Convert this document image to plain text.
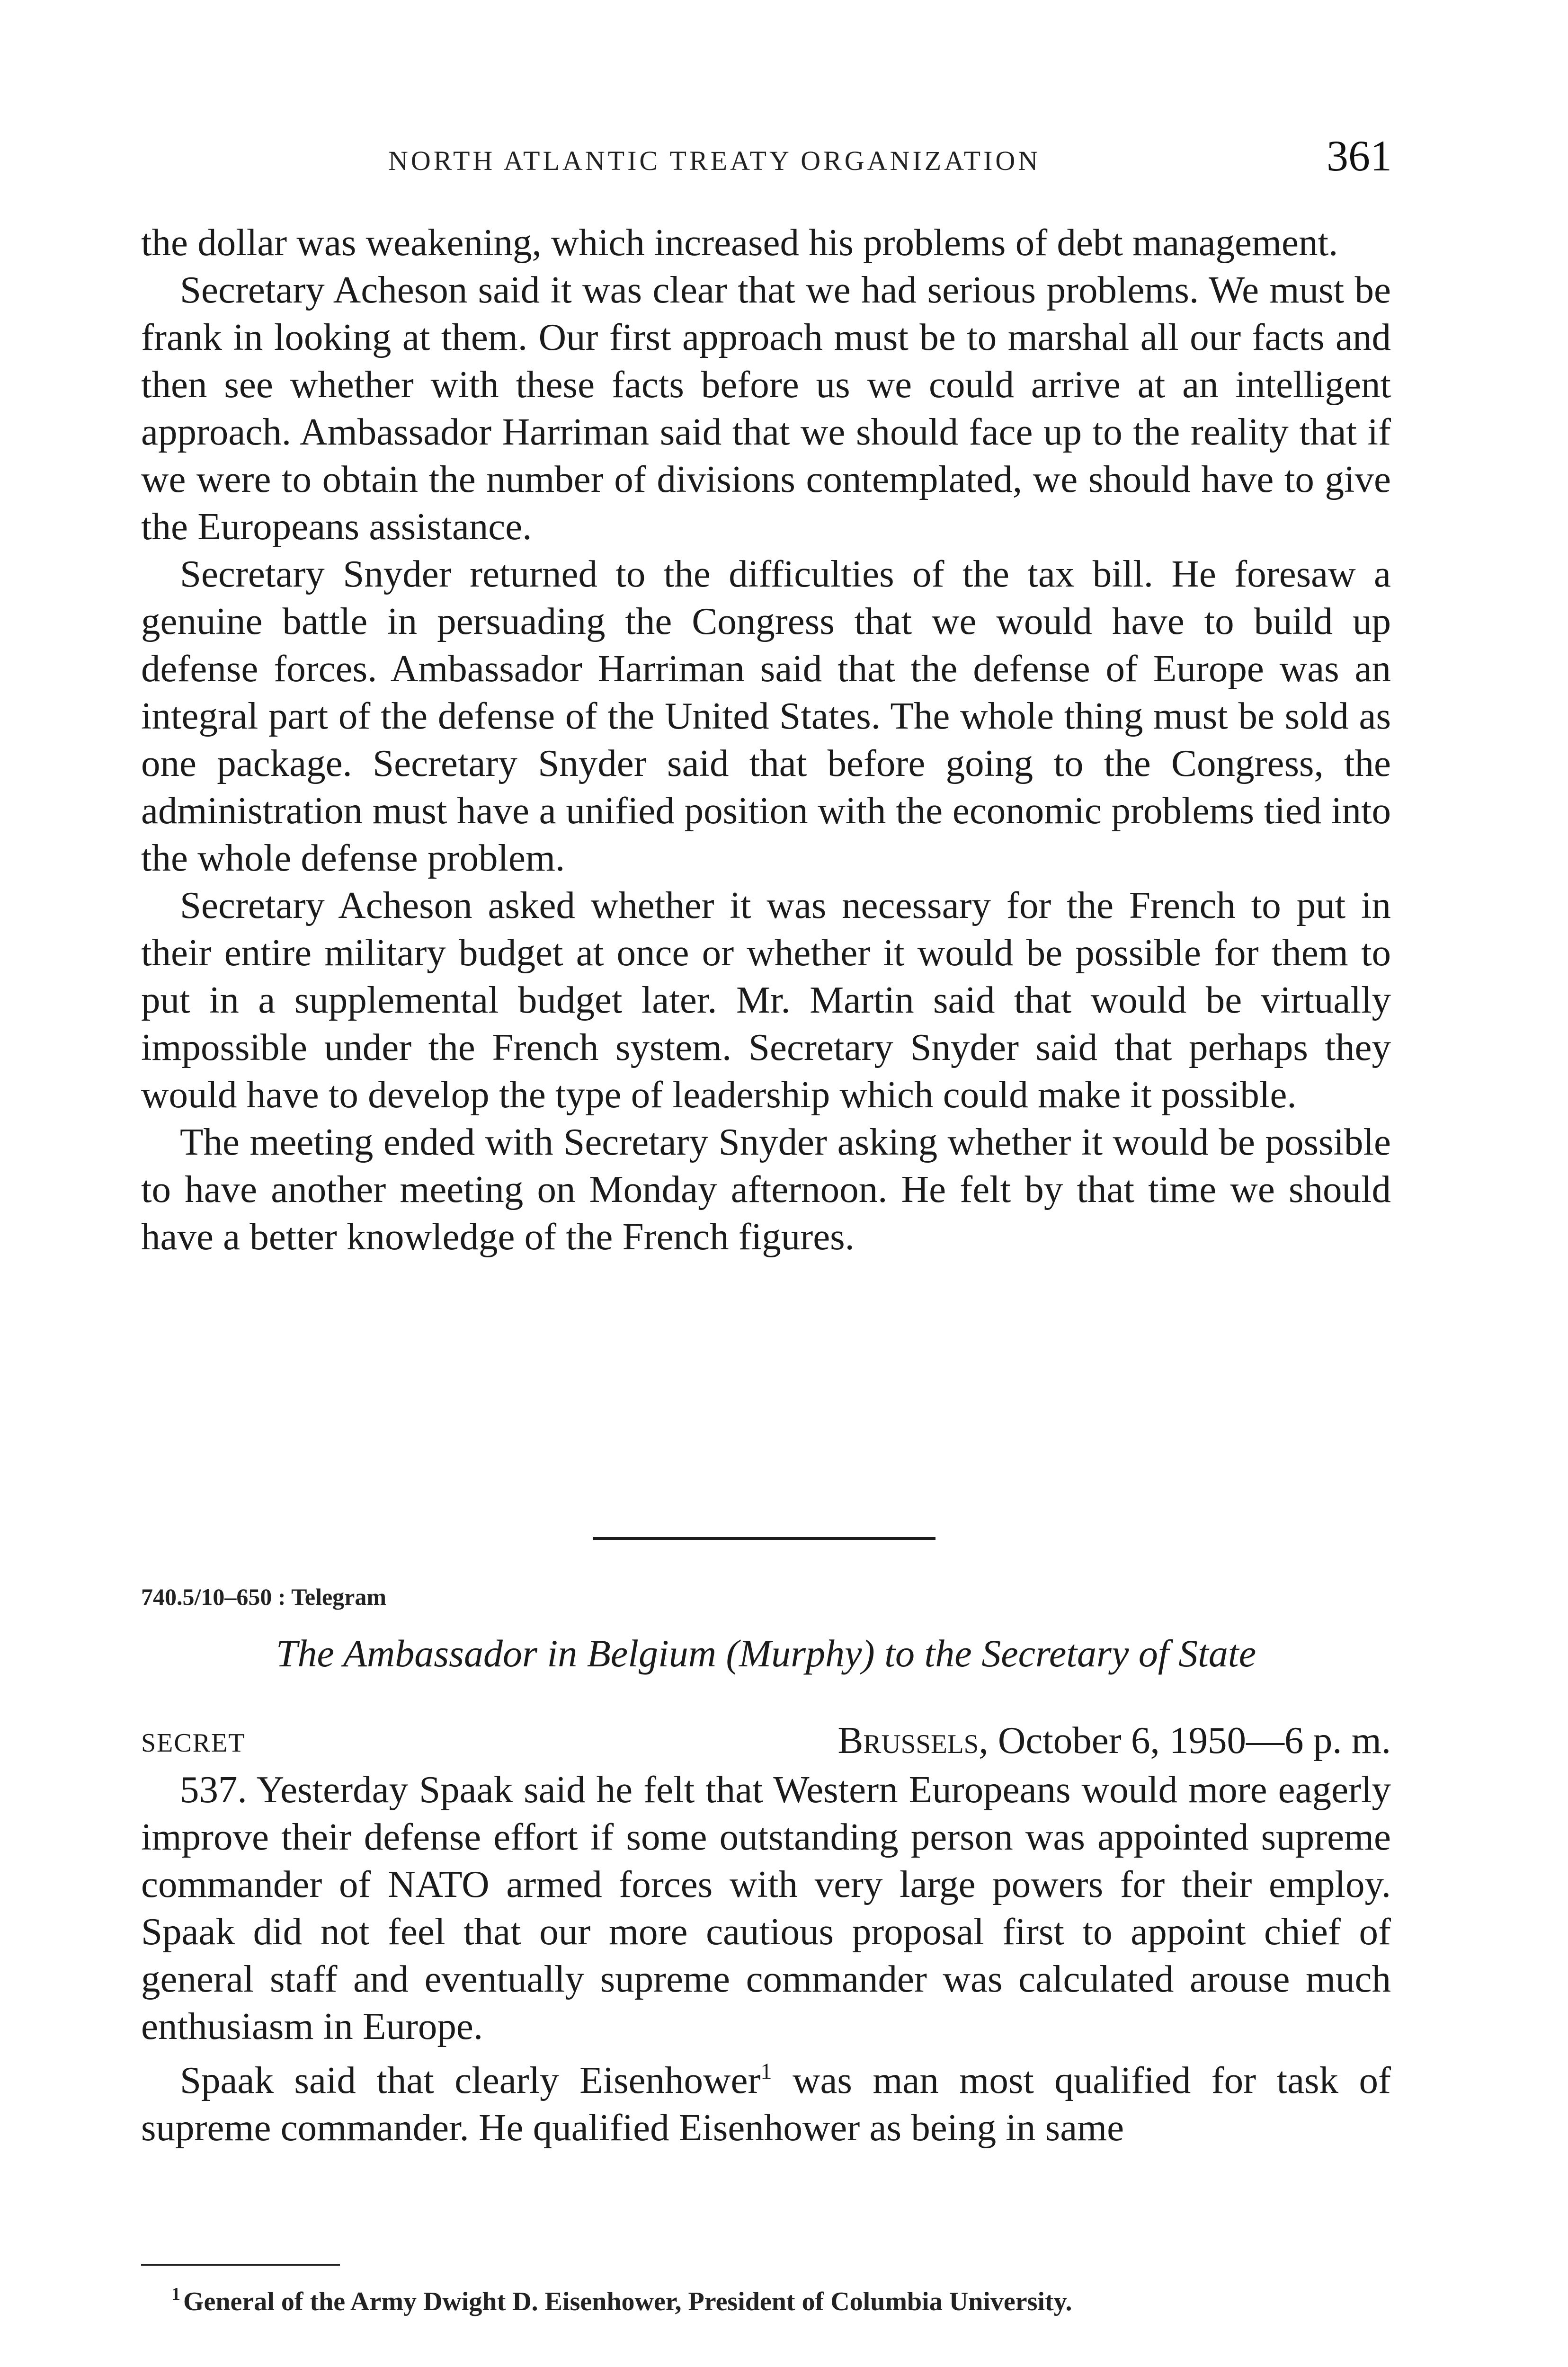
NORTH ATLANTIC TREATY ORGANIZATION	361

the dollar was weakening, which increased his problems of debt management.

Secretary Acheson said it was clear that we had serious problems. We must be frank in looking at them. Our first approach must be to marshal all our facts and then see whether with these facts before us we could arrive at an intelligent approach. Ambassador Harriman said that we should face up to the reality that if we were to obtain the number of divisions contemplated, we should have to give the Europeans assistance.

Secretary Snyder returned to the difficulties of the tax bill. He foresaw a genuine battle in persuading the Congress that we would have to build up defense forces. Ambassador Harriman said that the defense of Europe was an integral part of the defense of the United States. The whole thing must be sold as one package. Secretary Snyder said that before going to the Congress, the administration must have a unified position with the economic problems tied into the whole defense problem.

Secretary Acheson asked whether it was necessary for the French to put in their entire military budget at once or whether it would be possible for them to put in a supplemental budget later. Mr. Martin said that would be virtually impossible under the French system. Secretary Snyder said that perhaps they would have to develop the type of leadership which could make it possible.

The meeting ended with Secretary Snyder asking whether it would be possible to have another meeting on Monday afternoon. He felt by that time we should have a better knowledge of the French figures.

740.5/10–650 : Telegram
The Ambassador in Belgium (Murphy) to the Secretary of State
SECRET	Brussels, October 6, 1950—6 p. m.

537. Yesterday Spaak said he felt that Western Europeans would more eagerly improve their defense effort if some outstanding person was appointed supreme commander of NATO armed forces with very large powers for their employ. Spaak did not feel that our more cautious proposal first to appoint chief of general staff and eventually supreme commander was calculated arouse much enthusiasm in Europe.

Spaak said that clearly Eisenhower$^1$ was man most qualified for task of supreme commander. He qualified Eisenhower as being in same

$^1$ General of the Army Dwight D. Eisenhower, President of Columbia University.
